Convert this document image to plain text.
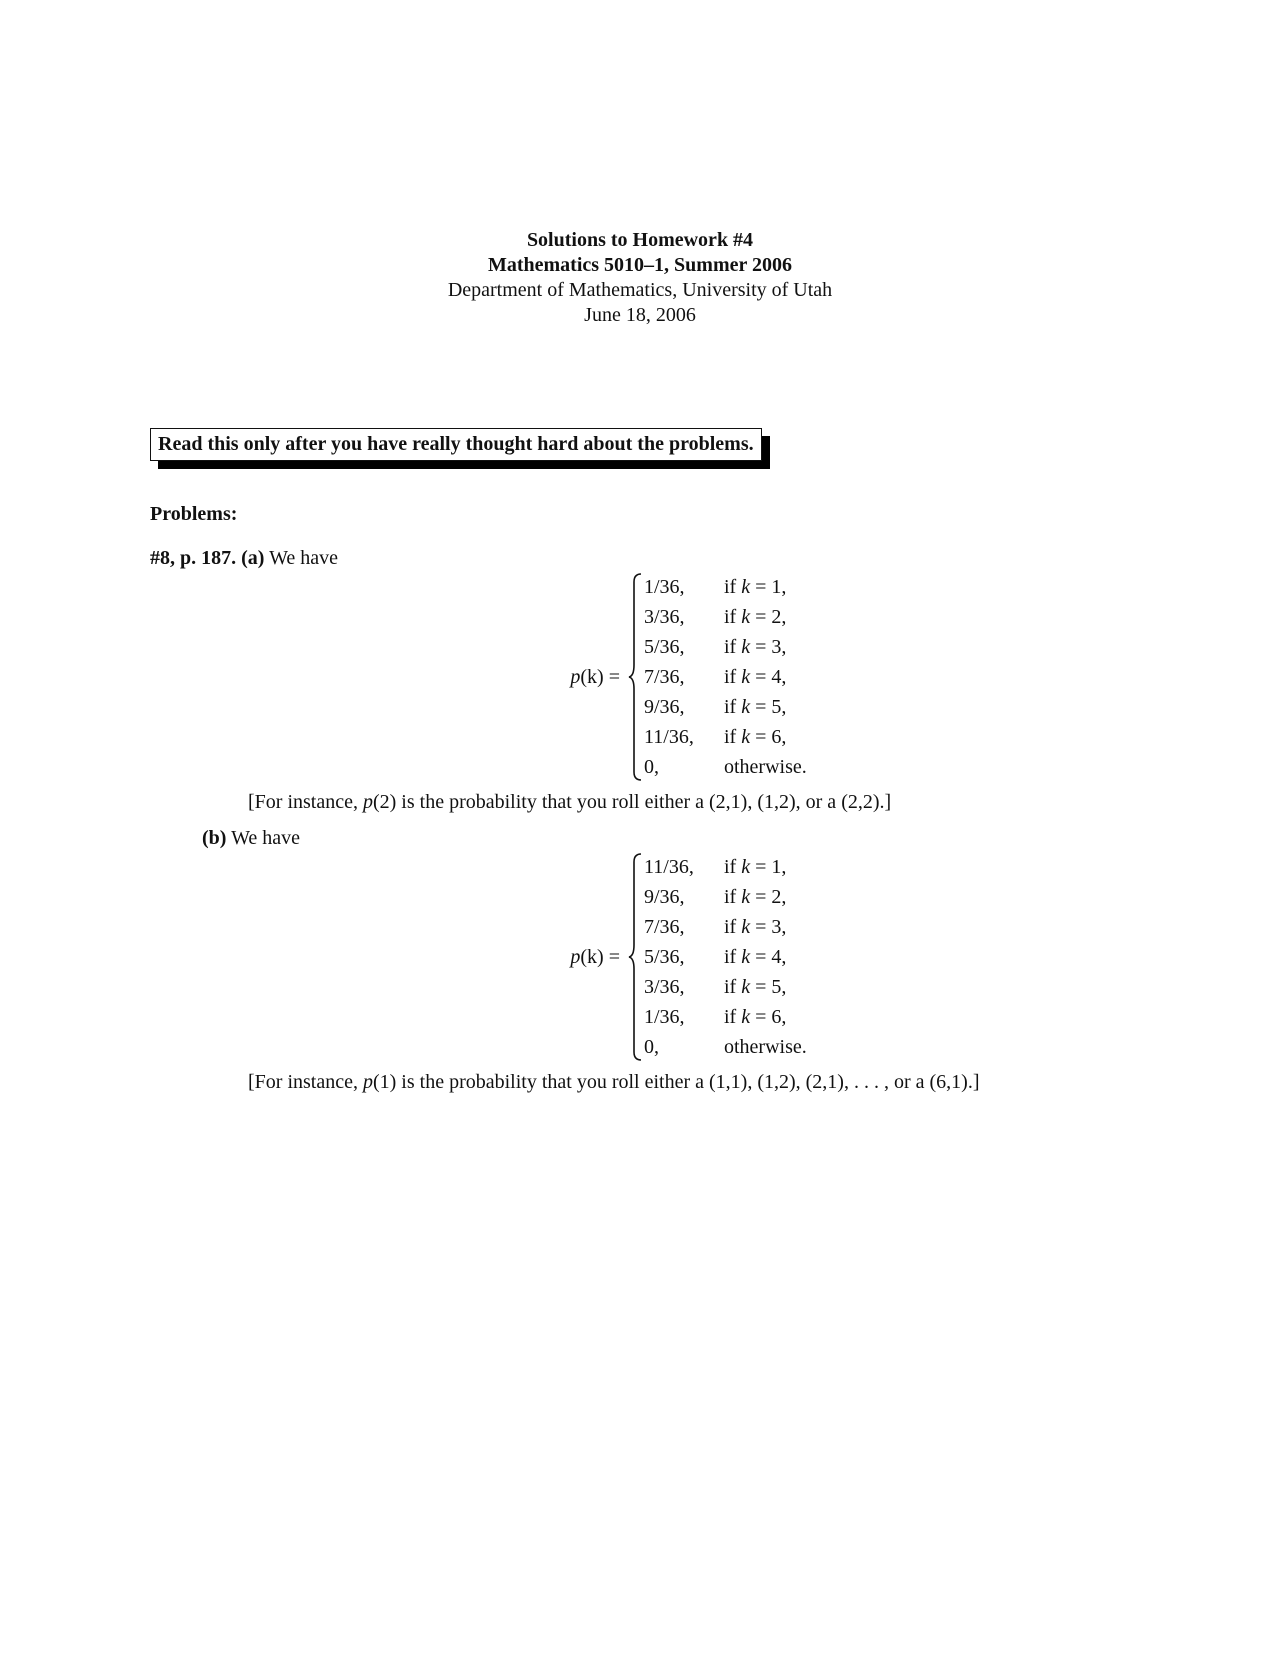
Solutions to Homework #4
Mathematics 5010–1, Summer 2006
Department of Mathematics, University of Utah
June 18, 2006
Read this only after you have really thought hard about the problems.
Problems:
#8, p. 187. (a) We have
p(k) =
1/36,	if k = 1,
3/36,	if k = 2,
5/36,	if k = 3,
7/36,	if k = 4,
9/36,	if k = 5,
11/36,	if k = 6,
0,	otherwise.
[For instance, p(2) is the probability that you roll either a (2,1), (1,2), or a (2,2).]
(b) We have
p(k) =
11/36,	if k = 1,
9/36,	if k = 2,
7/36,	if k = 3,
5/36,	if k = 4,
3/36,	if k = 5,
1/36,	if k = 6,
0,	otherwise.
[For instance, p(1) is the probability that you roll either a (1,1), (1,2), (2,1), . . . , or a (6,1).]
